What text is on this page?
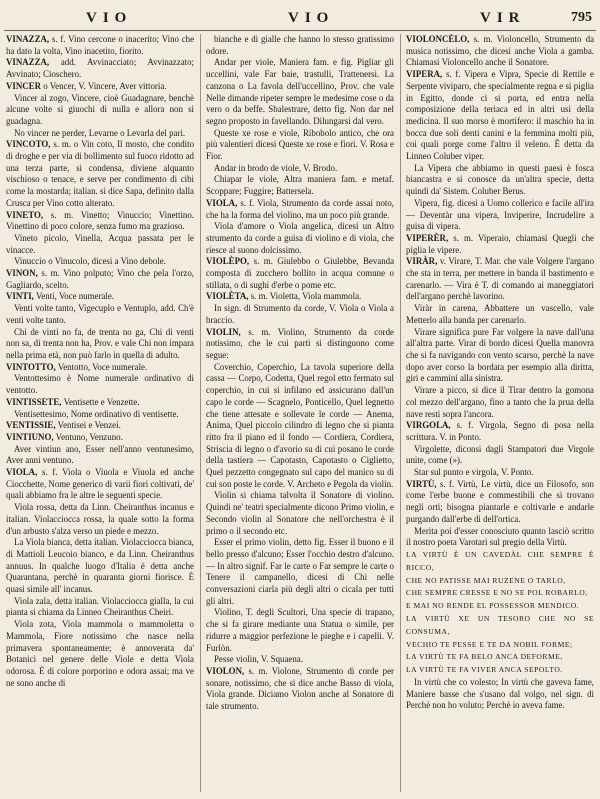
VIO	VIO	VIR	795

VINAZZA, s. f. Vino cercone o inacerito; Vino che ha dato la volta, Vino inacetito, fiorito.

VINAZZA, add. Avvinacciato; Avvinazzato; Avvinato; Cioschero.

VINCER o Vencer, V. Vincere, Aver vittoria.

Vincer al zogo, Vincere, cioè Guadagnare, benchè alcune volte si giuochi di nulla e allora non si guadagna.

No vincer ne perder, Levarne o Levarla del pari.

VINCOTO, s. m. o Vin coto, Il mosto, che condito di droghe e per via di bollimento sul fuoco ridotto ad una terza parte, si condensa, diviene alquanto vischioso o tenace, e serve per condimento di cibi come la mostarda; italian. si dice Sapa, definito dalla Crusca per Vino cotto alterato.

VINETO, s. m. Vinetto; Vinuccio; Vinettino. Vinettino di poco colore, senza fumo ma grazioso.

Vineto picolo, Vinella, Acqua passata per le vinacce.

Vinuccio o Vinucolo, dicesi a Vino debole.

VINON, s. m. Vino polputo; Vino che pela l'orzo, Gagliardo, scelto.

VINTI, Venti, Voce numerale.

Venti volte tanto, Vigecuplo e Ventuplo, add. Ch'è venti volte tanto.

Chi de vinti no fa, de trenta no ga, Chi di venti non sa, di trenta non ha, Prov. e vale Chi non impara nella prima età, non può farlo in quella di adulto.

VINTOTTO, Ventotto, Voce numerale.

Ventottesimo è Nome numerale ordinativo di ventotto.

VINTISSETE, Ventisette e Venzette.

Ventisettesimo, Nome ordinativo di ventisette.

VENTISSIE, Ventisei e Venzei.

VINTIUNO, Ventuno, Venzuno.

Aver vintiun ano, Esser nell'anno ventunesimo, Aver anni ventuno.

VIOLA, s. f. Viola o Viuola e Viuola ed anche Ciocchette, Nome generico di varii fiori coltivati, de' quali abbiamo fra le altre le seguenti specie.

Viola rossa, detta da Linn. Cheiranthus incanus e italian. Violacciocca rossa, la quale sotto la forma d'un arbusto s'alza verso un piede e mezzo.

La Viola bianca, detta italian. Violacciocca bianca, di Mattioli Leucoio bianco, e da Linn. Cheiranthus annuus. In qualche luogo d'Italia è detta anche Quarantana, perchè in quaranta giorni fiorisce. È quasi simile all' incanus.

Viola zala, detta italian. Violacciocca gialla, la cui pianta si chiama da Linneo Cheiranthus Cheiri.

Viola zota, Viola mammola o mammoletta o Mammola, Fiore notissimo che nasce nella primavera spontaneamente; è annoverata da' Botanici nel genere delle Viole e detta Viola odorosa. È di colore porporino e odora assai; ma ve ne sono anche di

bianche e di gialle che hanno lo stesso gratissimo odore.

Andar per viole, Maniera fam. e fig. Pigliar gli uccellini, vale Far baie, trastulli, Trattenersi. La canzona o La favola dell'uccellino, Prov. che vale Nelle dimande ripeter sempre le medesime cose o da vero o da beffe. Sbalestrare, detto fig. Non dar nel segno proposto in favellando. Dilungarsi dal vero.

Queste xe rose e viole, Ribobolo antico, che ora più valentieri dicesi Queste xe rose e fiori. V. Rosa e Fior.

Andar in brodo de viole, V. Brodo.

Chiapar le viole, Altra maniera fam. e metaf. Scoppare; Fuggire; Battersela.

VIOLA, s. f. Viola, Strumento da corde assai noto, che ha la forma del violino, ma un poco più grande.

Viola d'amore o Viola angelica, dicesi un Altro strumento da corde a guisa di violino e di viola, che riesce al suono dolcissimo.

VIOLÈPO, s. m. Giulebbo o Giulebbe, Bevanda composta di zucchero bollito in acqua comune o stillata, o di sughi d'erbe o pome etc.

VIOLÈTA, s. m. Violetta, Viola mammola.

In sign. di Strumento da corde, V. Viola o Viola a braccio.

VIOLIN, s. m. Violino, Strumento da corde notissimo, che le cui parti si distinguono come segue:

Coverchio, Coperchio, La tavola superiore della cassa — Corpo, Codetta, Quel regol etto fermato sul coperchio, in cui si infilano ed assicurano dall'un capo le corde — Scagnelo, Ponticello, Quel legnetto che tiene attesate e sollevate le corde — Anema, Anima, Quel piccolo cilindro di legno che si pianta ritto fra il piano ed il fondo — Cordiera, Cordiera, Striscia di legno o d'avorio su di cui posano le corde della tastiera — Capotasto, Capotasto o Ciglietto, Quel pezzetto congegnato sul capo del manico su di cui son poste le corde. V. Archeto e Pegola da violin.

Violin si chiama talvolta il Sonatore di violino. Quindi ne' teatri specialmente dicono Primo violin, e Secondo violin al Sonatore che nell'orchestra è il primo o il secondo etc.

Esser el primo violin, detto fig. Esser il buono e il bello presso d'alcuno; Esser l'occhio destro d'alcuno. — In altro signif. Far le carte o Far sempre le carte o Tenere il campanello, dicesi di Chi nelle conversazioni ciarla più degli altri o cicala per tutti gli altri.

Violino, T. degli Scultori, Una specie di trapano, che si fa girare mediante una Statua o simile, per ridurre a maggior perfezione le pieghe e i capelli. V. Furlòn.

Pesse violin, V. Squaena.

VIOLON, s. m. Violone, Strumento di corde per sonare, notissimo, che si dice anche Basso di viola, Viola grande. Diciamo Violon anche al Sonatore di tale strumento.

VIOLONCÈLO, s. m. Violoncello, Strumento da musica notissimo, che dicesi anche Viola a gamba. Chiamasi Violoncello anche il Sonatore.

VIPERA, s. f. Vipera e Vipra, Specie di Rettile e Serpente viviparo, che specialmente regna e si piglia in Egitto, donde ci si porta, ed entra nella composizione della teriaca ed in altri usi della medicina. Il suo morso è mortifero: il maschio ha in bocca due soli denti canini e la femmina molti più, coi quali porge come l'altro il veleno. È detta da Linneo Coluber viper.

La Vipera che abbiamo in questi paesi è fosca biancastra e si conosce da un'altra specie, detta quindi da' Sistem. Coluber Berus.

Vipera, fig. dicesi a Uomo collerico e facile all'ira — Deventàr una vipera, Inviperire, Incrudelire a guisa di vipera.

VIPERÈR, s. m. Viperaio, chiamasi Quegli che piglia le vipere.

VIRÀR, v. Virare, T. Mar. che vale Volgere l'argano che sta in terra, per mettere in banda il bastimento e carenarlo. — Vira è T. di comando ai maneggiatori dell'argano perchè lavorino.

Viràr in carena, Abbattere un vascello, vale Metterlo alla banda per carenarlo.

Virare significa pure Far volgere la nave dall'una all'altra parte. Virar di bordo dicesi Quella manovra che si fa navigando con vento scarso, perchè la nave dopo aver corso la bordata per esempio alla diritta, giri e cammini alla sinistra.

Virare a picco, si dice il Tirar dentro la gomona col mezzo dell'argano, fino a tanto che la prua della nave resti sopra l'ancora.

VIRGOLA, s. f. Virgola, Segno di posa nella scrittura. V. in Ponto.

Virgolette, diconsi dagli Stampatori due Virgole unite, come (»).

Star sul punto e virgola, V. Ponto.

VIRTÙ, s. f. Virtù, Le virtù, dice un Filosofo, son come l'erbe buone e commestibili che si trovano negli orti; bisogna piantarle e coltivarle e andarle purgando dall'erbe di dell'ortica.

Merita poi d'esser conosciuto quanto lasciò scritto il nostro poeta Varotari sul pregio della Virtù.

LA VIRTÙ È UN CAVEDÀL CHE SEMPRE È RICCO,

CHE NO PATISSE MAI RUZENE O TARLO,

CHE SEMPRE CRESSE E NO SE POL ROBARLO,

E MAI NO RENDE EL POSSESSOR MENDICO.

LA VIRTÙ XE UN TESORO CHE NO SE CONSUMA,

VECHIO TE PESSE E TE DA NOBIL FORME;

LA VIRTÙ TE FA BELO ANCA DEFORME,

LA VIRTÙ TE FA VIVER ANCA SEPOLTO.

In virtù che co volesto; In virtù che gaveva fame, Maniere basse che s'usano dal volgo, nel sign. di Perchè non ho voluto; Perchè io aveva fame.
